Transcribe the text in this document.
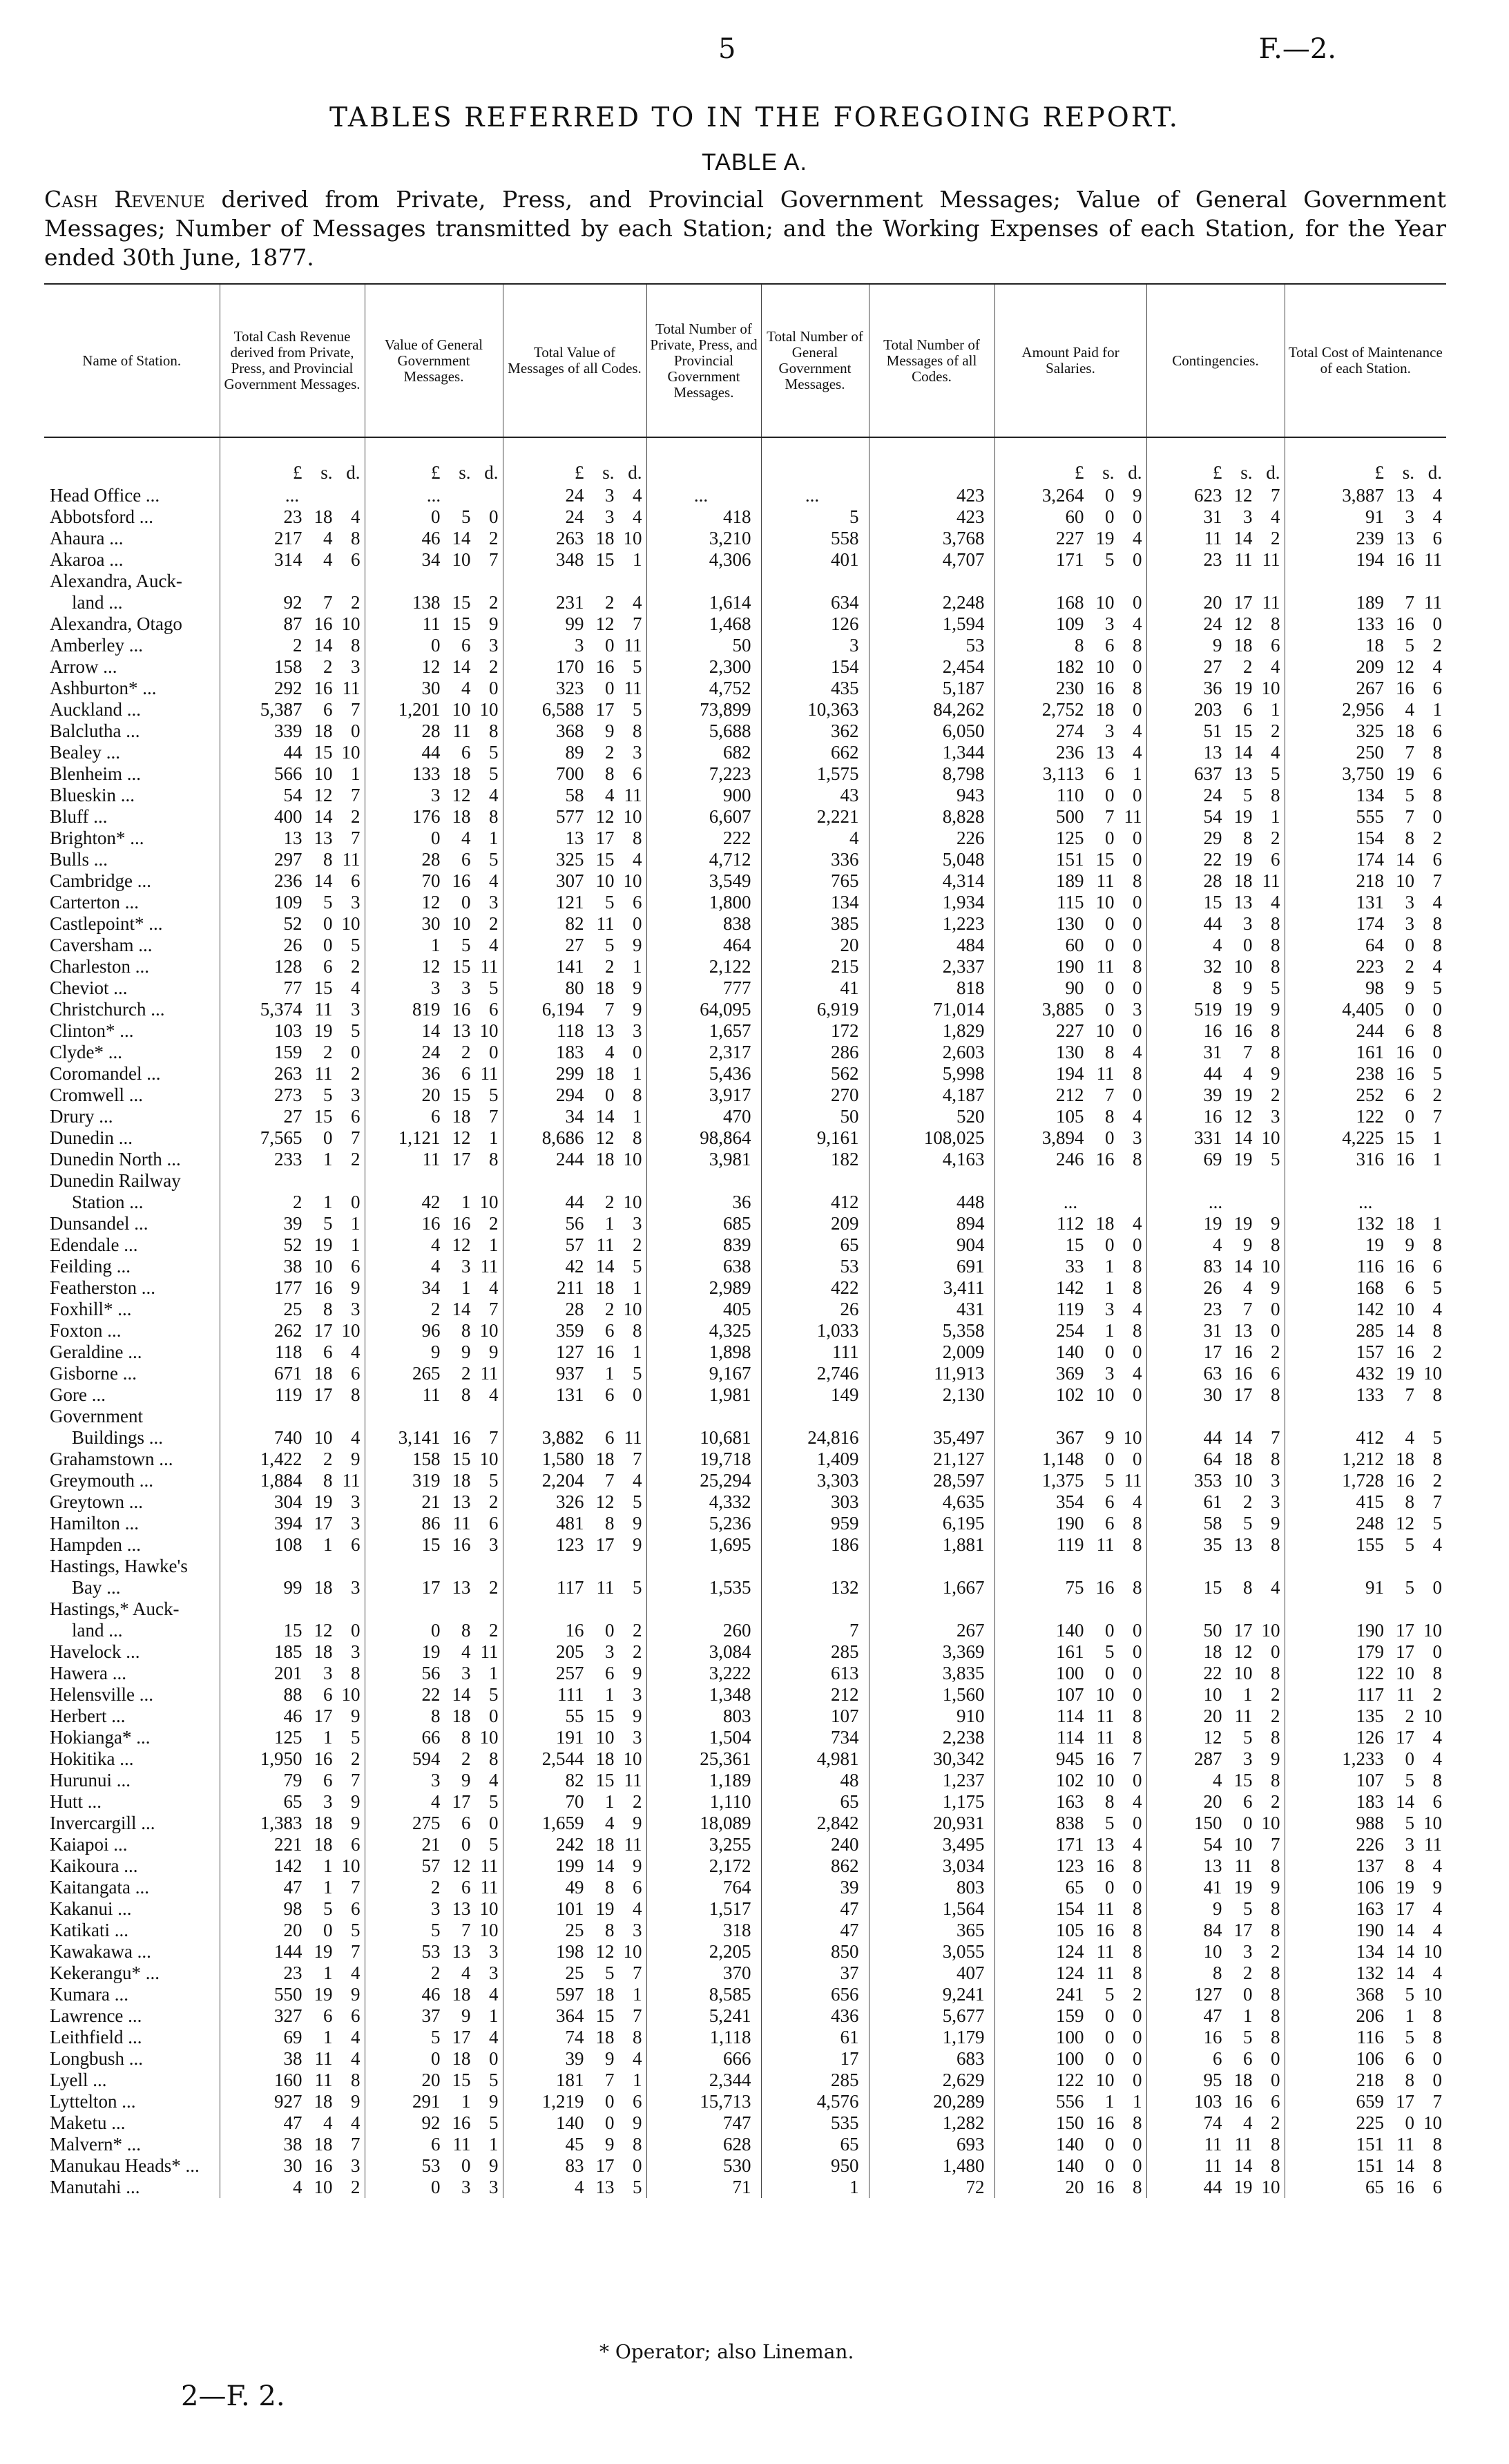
5	F.—2.
TABLES REFERRED TO IN THE FOREGOING REPORT.
TABLE A.
Cash Revenue derived from Private, Press, and Provincial Government Messages; Value of General Government Messages; Number of Messages transmitted by each Station; and the Working Expenses of each Station, for the Year ended 30th June, 1877.
Name of Station.	Total Cash Revenue derived from Private, Press, and Provincial Government Messages.	Value of General Government Messages.	Total Value of Messages of all Codes.	Total Number of Private, Press, and Provincial Government Messages.	Total Number of General Government Messages.	Total Number of Messages of all Codes.	Amount Paid for Salaries.	Contingencies.	Total Cost of Maintenance of each Station.

	£ s. d.	£ s. d.	£ s. d.				£ s. d.	£ s. d.	£ s. d.

Head Office ...	...	...	24 3 4	...	...	423	3,264 0 9	623 12 7	3,887 13 4

Abbotsford ...	23 18 4	0 5 0	24 3 4	418	5	423	60 0 0	31 3 4	91 3 4

Ahaura ...	217 4 8	46 14 2	263 18 10	3,210	558	3,768	227 19 4	11 14 2	239 13 6

Akaroa ...	314 4 6	34 10 7	348 15 1	4,306	401	4,707	171 5 0	23 11 11	194 16 11

Alexandra, Auck-									
land ...	92 7 2	138 15 2	231 2 4	1,614	634	2,248	168 10 0	20 17 11	189 7 11

Alexandra, Otago	87 16 10	11 15 9	99 12 7	1,468	126	1,594	109 3 4	24 12 8	133 16 0

Amberley ...	2 14 8	0 6 3	3 0 11	50	3	53	8 6 8	9 18 6	18 5 2

Arrow ...	158 2 3	12 14 2	170 16 5	2,300	154	2,454	182 10 0	27 2 4	209 12 4

Ashburton* ...	292 16 11	30 4 0	323 0 11	4,752	435	5,187	230 16 8	36 19 10	267 16 6

Auckland ...	5,387 6 7	1,201 10 10	6,588 17 5	73,899	10,363	84,262	2,752 18 0	203 6 1	2,956 4 1

Balclutha ...	339 18 0	28 11 8	368 9 8	5,688	362	6,050	274 3 4	51 15 2	325 18 6

Bealey ...	44 15 10	44 6 5	89 2 3	682	662	1,344	236 13 4	13 14 4	250 7 8

Blenheim ...	566 10 1	133 18 5	700 8 6	7,223	1,575	8,798	3,113 6 1	637 13 5	3,750 19 6

Blueskin ...	54 12 7	3 12 4	58 4 11	900	43	943	110 0 0	24 5 8	134 5 8

Bluff ...	400 14 2	176 18 8	577 12 10	6,607	2,221	8,828	500 7 11	54 19 1	555 7 0

Brighton* ...	13 13 7	0 4 1	13 17 8	222	4	226	125 0 0	29 8 2	154 8 2

Bulls ...	297 8 11	28 6 5	325 15 4	4,712	336	5,048	151 15 0	22 19 6	174 14 6

Cambridge ...	236 14 6	70 16 4	307 10 10	3,549	765	4,314	189 11 8	28 18 11	218 10 7

Carterton ...	109 5 3	12 0 3	121 5 6	1,800	134	1,934	115 10 0	15 13 4	131 3 4

Castlepoint* ...	52 0 10	30 10 2	82 11 0	838	385	1,223	130 0 0	44 3 8	174 3 8

Caversham ...	26 0 5	1 5 4	27 5 9	464	20	484	60 0 0	4 0 8	64 0 8

Charleston ...	128 6 2	12 15 11	141 2 1	2,122	215	2,337	190 11 8	32 10 8	223 2 4

Cheviot ...	77 15 4	3 3 5	80 18 9	777	41	818	90 0 0	8 9 5	98 9 5

Christchurch ...	5,374 11 3	819 16 6	6,194 7 9	64,095	6,919	71,014	3,885 0 3	519 19 9	4,405 0 0

Clinton* ...	103 19 5	14 13 10	118 13 3	1,657	172	1,829	227 10 0	16 16 8	244 6 8

Clyde* ...	159 2 0	24 2 0	183 4 0	2,317	286	2,603	130 8 4	31 7 8	161 16 0

Coromandel ...	263 11 2	36 6 11	299 18 1	5,436	562	5,998	194 11 8	44 4 9	238 16 5

Cromwell ...	273 5 3	20 15 5	294 0 8	3,917	270	4,187	212 7 0	39 19 2	252 6 2

Drury ...	27 15 6	6 18 7	34 14 1	470	50	520	105 8 4	16 12 3	122 0 7

Dunedin ...	7,565 0 7	1,121 12 1	8,686 12 8	98,864	9,161	108,025	3,894 0 3	331 14 10	4,225 15 1

Dunedin North ...	233 1 2	11 17 8	244 18 10	3,981	182	4,163	246 16 8	69 19 5	316 16 1

Dunedin Railway									
Station ...	2 1 0	42 1 10	44 2 10	36	412	448	...	...	...
Dunsandel ...	39 5 1	16 16 2	56 1 3	685	209	894	112 18 4	19 19 9	132 18 1

Edendale ...	52 19 1	4 12 1	57 11 2	839	65	904	15 0 0	4 9 8	19 9 8

Feilding ...	38 10 6	4 3 11	42 14 5	638	53	691	33 1 8	83 14 10	116 16 6

Featherston ...	177 16 9	34 1 4	211 18 1	2,989	422	3,411	142 1 8	26 4 9	168 6 5

Foxhill* ...	25 8 3	2 14 7	28 2 10	405	26	431	119 3 4	23 7 0	142 10 4

Foxton ...	262 17 10	96 8 10	359 6 8	4,325	1,033	5,358	254 1 8	31 13 0	285 14 8

Geraldine ...	118 6 4	9 9 9	127 16 1	1,898	111	2,009	140 0 0	17 16 2	157 16 2

Gisborne ...	671 18 6	265 2 11	937 1 5	9,167	2,746	11,913	369 3 4	63 16 6	432 19 10

Gore ...	119 17 8	11 8 4	131 6 0	1,981	149	2,130	102 10 0	30 17 8	133 7 8

Government									
Buildings ...	740 10 4	3,141 16 7	3,882 6 11	10,681	24,816	35,497	367 9 10	44 14 7	412 4 5

Grahamstown ...	1,422 2 9	158 15 10	1,580 18 7	19,718	1,409	21,127	1,148 0 0	64 18 8	1,212 18 8

Greymouth ...	1,884 8 11	319 18 5	2,204 7 4	25,294	3,303	28,597	1,375 5 11	353 10 3	1,728 16 2

Greytown ...	304 19 3	21 13 2	326 12 5	4,332	303	4,635	354 6 4	61 2 3	415 8 7

Hamilton ...	394 17 3	86 11 6	481 8 9	5,236	959	6,195	190 6 8	58 5 9	248 12 5

Hampden ...	108 1 6	15 16 3	123 17 9	1,695	186	1,881	119 11 8	35 13 8	155 5 4

Hastings, Hawke's									
Bay ...	99 18 3	17 13 2	117 11 5	1,535	132	1,667	75 16 8	15 8 4	91 5 0

Hastings,* Auck-									
land ...	15 12 0	0 8 2	16 0 2	260	7	267	140 0 0	50 17 10	190 17 10

Havelock ...	185 18 3	19 4 11	205 3 2	3,084	285	3,369	161 5 0	18 12 0	179 17 0

Hawera ...	201 3 8	56 3 1	257 6 9	3,222	613	3,835	100 0 0	22 10 8	122 10 8

Helensville ...	88 6 10	22 14 5	111 1 3	1,348	212	1,560	107 10 0	10 1 2	117 11 2

Herbert ...	46 17 9	8 18 0	55 15 9	803	107	910	114 11 8	20 11 2	135 2 10

Hokianga* ...	125 1 5	66 8 10	191 10 3	1,504	734	2,238	114 11 8	12 5 8	126 17 4

Hokitika ...	1,950 16 2	594 2 8	2,544 18 10	25,361	4,981	30,342	945 16 7	287 3 9	1,233 0 4

Hurunui ...	79 6 7	3 9 4	82 15 11	1,189	48	1,237	102 10 0	4 15 8	107 5 8

Hutt ...	65 3 9	4 17 5	70 1 2	1,110	65	1,175	163 8 4	20 6 2	183 14 6

Invercargill ...	1,383 18 9	275 6 0	1,659 4 9	18,089	2,842	20,931	838 5 0	150 0 10	988 5 10

Kaiapoi ...	221 18 6	21 0 5	242 18 11	3,255	240	3,495	171 13 4	54 10 7	226 3 11

Kaikoura ...	142 1 10	57 12 11	199 14 9	2,172	862	3,034	123 16 8	13 11 8	137 8 4

Kaitangata ...	47 1 7	2 6 11	49 8 6	764	39	803	65 0 0	41 19 9	106 19 9

Kakanui ...	98 5 6	3 13 10	101 19 4	1,517	47	1,564	154 11 8	9 5 8	163 17 4

Katikati ...	20 0 5	5 7 10	25 8 3	318	47	365	105 16 8	84 17 8	190 14 4

Kawakawa ...	144 19 7	53 13 3	198 12 10	2,205	850	3,055	124 11 8	10 3 2	134 14 10

Kekerangu* ...	23 1 4	2 4 3	25 5 7	370	37	407	124 11 8	8 2 8	132 14 4

Kumara ...	550 19 9	46 18 4	597 18 1	8,585	656	9,241	241 5 2	127 0 8	368 5 10

Lawrence ...	327 6 6	37 9 1	364 15 7	5,241	436	5,677	159 0 0	47 1 8	206 1 8

Leithfield ...	69 1 4	5 17 4	74 18 8	1,118	61	1,179	100 0 0	16 5 8	116 5 8

Longbush ...	38 11 4	0 18 0	39 9 4	666	17	683	100 0 0	6 6 0	106 6 0

Lyell ...	160 11 8	20 15 5	181 7 1	2,344	285	2,629	122 10 0	95 18 0	218 8 0

Lyttelton ...	927 18 9	291 1 9	1,219 0 6	15,713	4,576	20,289	556 1 1	103 16 6	659 17 7

Maketu ...	47 4 4	92 16 5	140 0 9	747	535	1,282	150 16 8	74 4 2	225 0 10

Malvern* ...	38 18 7	6 11 1	45 9 8	628	65	693	140 0 0	11 11 8	151 11 8

Manukau Heads* ...	30 16 3	53 0 9	83 17 0	530	950	1,480	140 0 0	11 14 8	151 14 8

Manutahi ...	4 10 2	0 3 3	4 13 5	71	1	72	20 16 8	44 19 10	65 16 6
* Operator; also Lineman.
2—F. 2.
